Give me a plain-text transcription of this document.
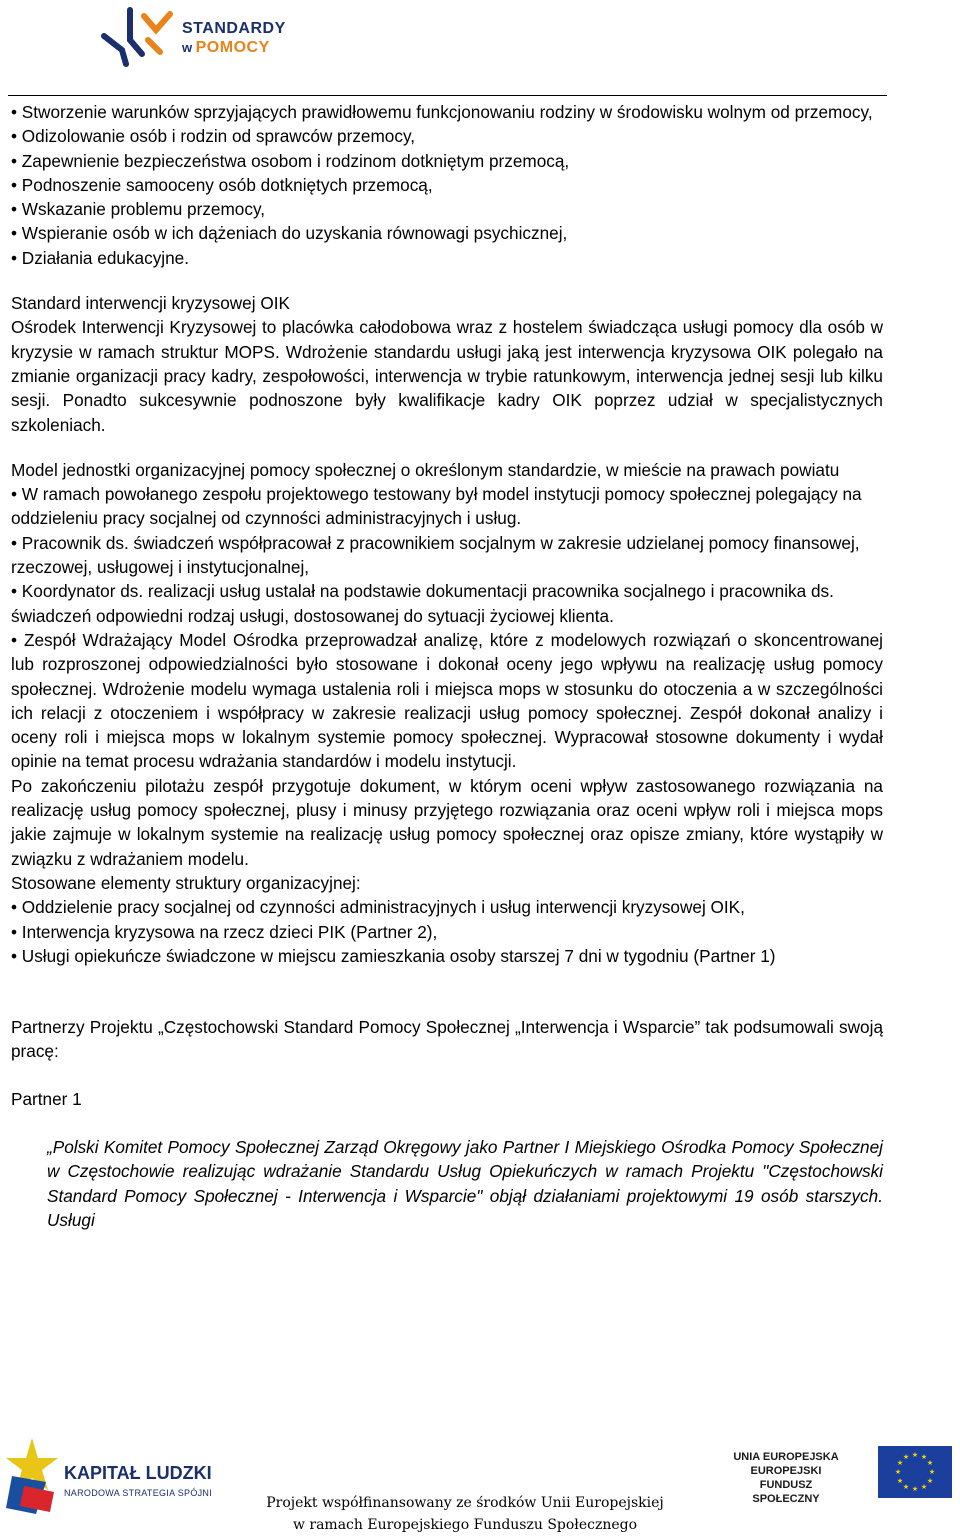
STANDARDY
w POMOCY

• Stworzenie warunków sprzyjających prawidłowemu funkcjonowaniu rodziny w środowisku wolnym od przemocy,

• Odizolowanie osób i rodzin od sprawców przemocy,

• Zapewnienie bezpieczeństwa osobom i rodzinom dotkniętym przemocą,

• Podnoszenie samooceny osób dotkniętych przemocą,

• Wskazanie problemu przemocy,

• Wspieranie osób w ich dążeniach do uzyskania równowagi psychicznej,

• Działania edukacyjne.

Standard interwencji kryzysowej OIK

Ośrodek Interwencji Kryzysowej to placówka całodobowa wraz z hostelem świadcząca usługi pomocy dla osób w kryzysie w ramach struktur MOPS. Wdrożenie standardu usługi jaką jest interwencja kryzysowa OIK polegało na zmianie organizacji pracy kadry, zespołowości, interwencja w trybie ratunkowym, interwencja jednej sesji lub kilku sesji. Ponadto sukcesywnie podnoszone były kwalifikacje kadry OIK poprzez udział w specjalistycznych szkoleniach.

Model jednostki organizacyjnej pomocy społecznej o określonym standardzie, w mieście na prawach powiatu

• W ramach powołanego zespołu projektowego testowany był model instytucji pomocy społecznej polegający na oddzieleniu pracy socjalnej od czynności administracyjnych i usług.

• Pracownik ds. świadczeń współpracował z pracownikiem socjalnym w zakresie udzielanej pomocy finansowej, rzeczowej, usługowej i instytucjonalnej,

• Koordynator ds. realizacji usług ustalał na podstawie dokumentacji pracownika socjalnego i pracownika ds. świadczeń odpowiedni rodzaj usługi, dostosowanej do sytuacji życiowej klienta.

• Zespół Wdrażający Model Ośrodka przeprowadzał analizę, które z modelowych rozwiązań o skoncentrowanej lub rozproszonej odpowiedzialności było stosowane i dokonał oceny jego wpływu na realizację usług pomocy społecznej. Wdrożenie modelu wymaga ustalenia roli i miejsca mops w stosunku do otoczenia a w szczególności ich relacji z otoczeniem i współpracy w zakresie realizacji usług pomocy społecznej. Zespół dokonał analizy i oceny roli i miejsca mops w lokalnym systemie pomocy społecznej. Wypracował stosowne dokumenty i wydał opinie na temat procesu wdrażania standardów i modelu instytucji.

Po zakończeniu pilotażu zespół przygotuje dokument, w którym oceni wpływ zastosowanego rozwiązania na realizację usług pomocy społecznej, plusy i minusy przyjętego rozwiązania oraz oceni wpływ roli i miejsca mops jakie zajmuje w lokalnym systemie na realizację usług pomocy społecznej oraz opisze zmiany, które wystąpiły w związku z wdrażaniem modelu.

Stosowane elementy struktury organizacyjnej:

• Oddzielenie pracy socjalnej od czynności administracyjnych i usług interwencji kryzysowej OIK,

• Interwencja kryzysowa na rzecz dzieci PIK (Partner 2),

• Usługi opiekuńcze świadczone w miejscu zamieszkania osoby starszej 7 dni w tygodniu (Partner 1)

Partnerzy Projektu „Częstochowski Standard Pomocy Społecznej „Interwencja i Wsparcie” tak podsumowali swoją pracę:

Partner 1

„Polski Komitet Pomocy Społecznej Zarząd Okręgowy jako Partner I Miejskiego Ośrodka Pomocy Społecznej w Częstochowie realizując wdrażanie Standardu Usług Opiekuńczych w ramach Projektu "Częstochowski Standard Pomocy Społecznej - Interwencja i Wsparcie" objął działaniami projektowymi 19 osób starszych. Usługi

KAPITAŁ LUDZKI
NARODOWA STRATEGIA SPÓJNI
Projekt współfinansowany ze środków Unii Europejskiej
w ramach Europejskiego Funduszu Społecznego
UNIA EUROPEJSKA
EUROPEJSKI
FUNDUSZ SPOŁECZNY
★ ★
★
★
★
★
★
★
★
★
★
★
